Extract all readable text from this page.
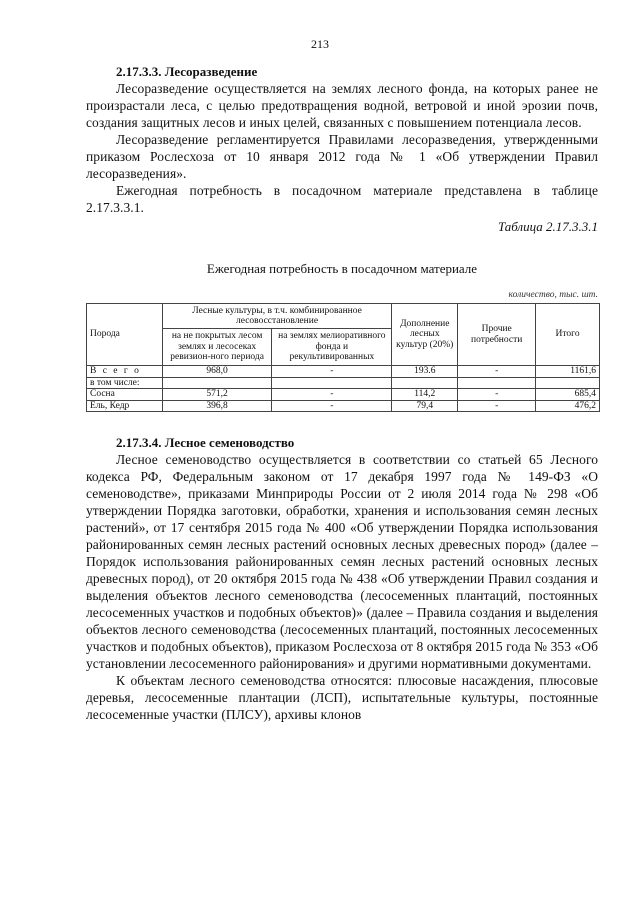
213
2.17.3.3. Лесоразведение

Лесоразведение осуществляется на землях лесного фонда, на которых ранее не произрастали леса, с целью предотвращения водной, ветровой и иной эрозии почв, создания защитных лесов и иных целей, связанных с повышением потенциала лесов.

Лесоразведение регламентируется Правилами лесоразведения, утвержденными приказом Рослесхоза от 10 января 2012 года № 1 «Об утверждении Правил лесоразведения».

Ежегодная потребность в посадочном материале представлена в таблице 2.17.3.3.1.

Таблица 2.17.3.3.1
Ежегодная потребность в посадочном материале
количество, тыс. шт.
Порода	Лесные культуры, в т.ч. комбинированное лесовосстановление		Дополнение лесных культур (20%)	Прочие потребности	Итого
	на не покрытых лесом землях и лесосеках ревизион-ного периода	на землях мелиоративного фонда и рекультивированных			
В с е г о	968,0	-	193.6	-	1161,6
в том числе:					
Сосна	571,2	-	114,2	-	685,4
Ель, Кедр	396,8	-	79,4	-	476,2
2.17.3.4. Лесное семеноводство

Лесное семеноводство осуществляется в соответствии со статьей 65 Лесного кодекса РФ, Федеральным законом от 17 декабря 1997 года № 149-ФЗ «О семеноводстве», приказами Минприроды России от 2 июля 2014 года № 298 «Об утверждении Порядка заготовки, обработки, хранения и использования семян лесных растений», от 17 сентября 2015 года № 400 «Об утверждении Порядка использования районированных семян лесных растений основных лесных древесных пород» (далее – Порядок использования районированных семян лесных растений основных лесных древесных пород), от 20 октября 2015 года № 438 «Об утверждении Правил создания и выделения объектов лесного семеноводства (лесосеменных плантаций, постоянных лесосеменных участков и подобных объектов)» (далее – Правила создания и выделения объектов лесного семеноводства (лесосеменных плантаций, постоянных лесосеменных участков и подобных объектов), приказом Рослесхоза от 8 октября 2015 года № 353 «Об установлении лесосеменного районирования» и другими нормативными документами.

К объектам лесного семеноводства относятся: плюсовые насаждения, плюсовые деревья, лесосеменные плантации (ЛСП), испытательные культуры, постоянные лесосеменные участки (ПЛСУ), архивы клонов
